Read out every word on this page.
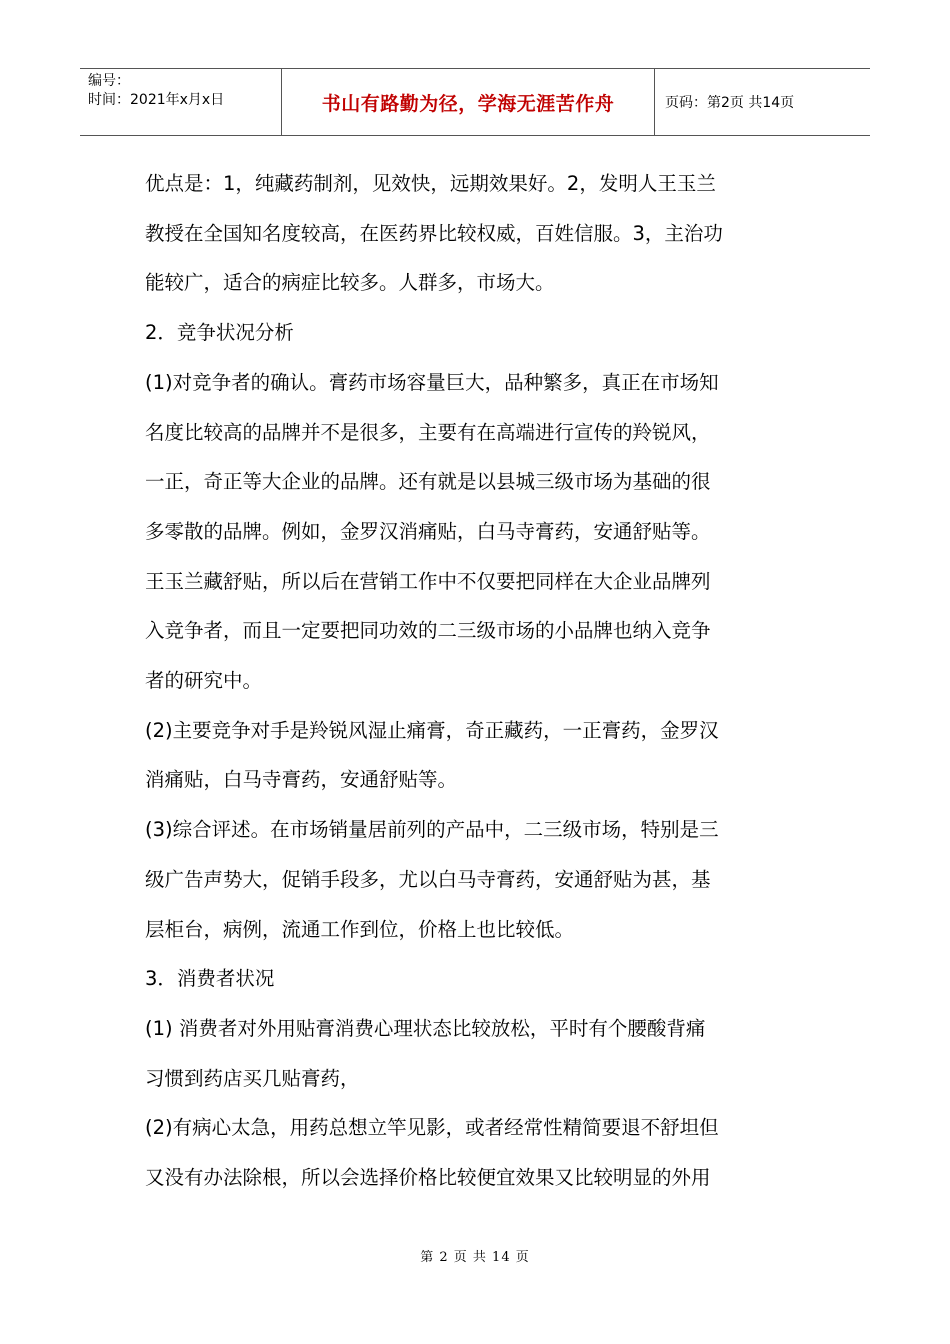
编号：
时间：2021年x月x日	书山有路勤为径，学海无涯苦作舟	页码：第2页 共14页

优点是：1，纯藏药制剂，见效快，远期效果好。2，发明人王玉兰

教授在全国知名度较高，在医药界比较权威，百姓信服。3，主治功

能较广，适合的病症比较多。人群多，市场大。

2．竞争状况分析

(1)对竞争者的确认。膏药市场容量巨大，品种繁多，真正在市场知

名度比较高的品牌并不是很多，主要有在高端进行宣传的羚锐风，

一正，奇正等大企业的品牌。还有就是以县城三级市场为基础的很

多零散的品牌。例如，金罗汉消痛贴，白马寺膏药，安通舒贴等。

王玉兰藏舒贴，所以后在营销工作中不仅要把同样在大企业品牌列

入竞争者，而且一定要把同功效的二三级市场的小品牌也纳入竞争

者的研究中。

(2)主要竞争对手是羚锐风湿止痛膏，奇正藏药，一正膏药，金罗汉

消痛贴，白马寺膏药，安通舒贴等。

(3)综合评述。在市场销量居前列的产品中，二三级市场，特别是三

级广告声势大，促销手段多，尤以白马寺膏药，安通舒贴为甚，基

层柜台，病例，流通工作到位，价格上也比较低。

3．消费者状况

(1) 消费者对外用贴膏消费心理状态比较放松，平时有个腰酸背痛

习惯到药店买几贴膏药，

(2)有病心太急，用药总想立竿见影，或者经常性精简要退不舒坦但

又没有办法除根，所以会选择价格比较便宜效果又比较明显的外用

第 2 页 共 14 页
